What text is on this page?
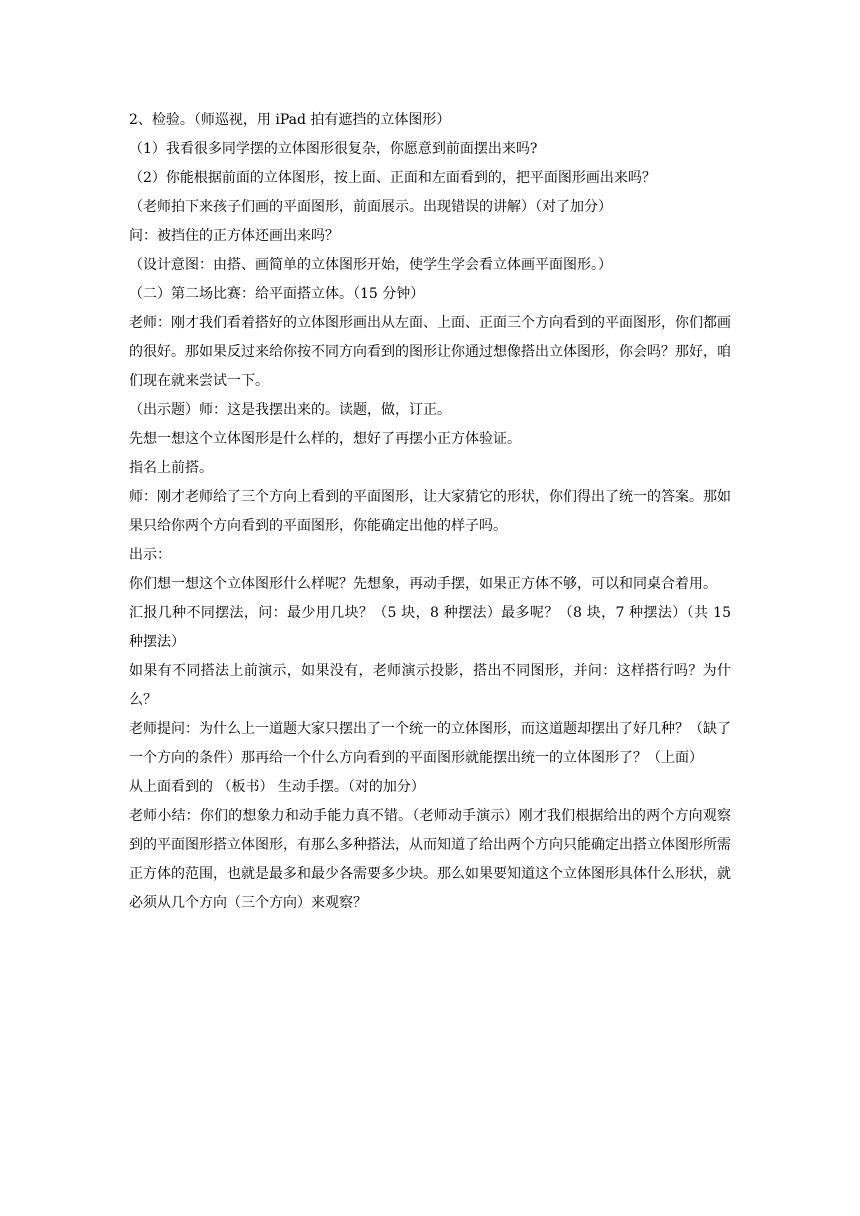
2、检验。（师巡视，用 iPad 拍有遮挡的立体图形）

（1）我看很多同学摆的立体图形很复杂，你愿意到前面摆出来吗?

（2）你能根据前面的立体图形，按上面、正面和左面看到的，把平面图形画出来吗？

（老师拍下来孩子们画的平面图形，前面展示。出现错误的讲解）（对了加分）

问：被挡住的正方体还画出来吗？

（设计意图：由搭、画简单的立体图形开始，使学生学会看立体画平面图形。）

（二）第二场比赛：给平面搭立体。（15 分钟）

老师：刚才我们看着搭好的立体图形画出从左面、上面、正面三个方向看到的平面图形，你们都画的很好。那如果反过来给你按不同方向看到的图形让你通过想像搭出立体图形，你会吗？那好，咱们现在就来尝试一下。

（出示题）师：这是我摆出来的。读题，做，订正。

先想一想这个立体图形是什么样的，想好了再摆小正方体验证。

指名上前搭。

师：刚才老师给了三个方向上看到的平面图形，让大家猜它的形状，你们得出了统一的答案。那如果只给你两个方向看到的平面图形，你能确定出他的样子吗。

出示：

你们想一想这个立体图形什么样呢？先想象，再动手摆，如果正方体不够，可以和同桌合着用。

汇报几种不同摆法，问：最少用几块？（5 块，8 种摆法）最多呢？（8 块，7 种摆法）（共 15 种摆法）

如果有不同搭法上前演示，如果没有，老师演示投影，搭出不同图形，并问：这样搭行吗？为什么？

老师提问：为什么上一道题大家只摆出了一个统一的立体图形，而这道题却摆出了好几种？（缺了一个方向的条件）那再给一个什么方向看到的平面图形就能摆出统一的立体图形了？（上面）

从上面看到的 （板书） 生动手摆。（对的加分）

老师小结：你们的想象力和动手能力真不错。（老师动手演示）刚才我们根据给出的两个方向观察到的平面图形搭立体图形，有那么多种搭法，从而知道了给出两个方向只能确定出搭立体图形所需正方体的范围，也就是最多和最少各需要多少块。那么如果要知道这个立体图形具体什么形状，就必须从几个方向（三个方向）来观察？
